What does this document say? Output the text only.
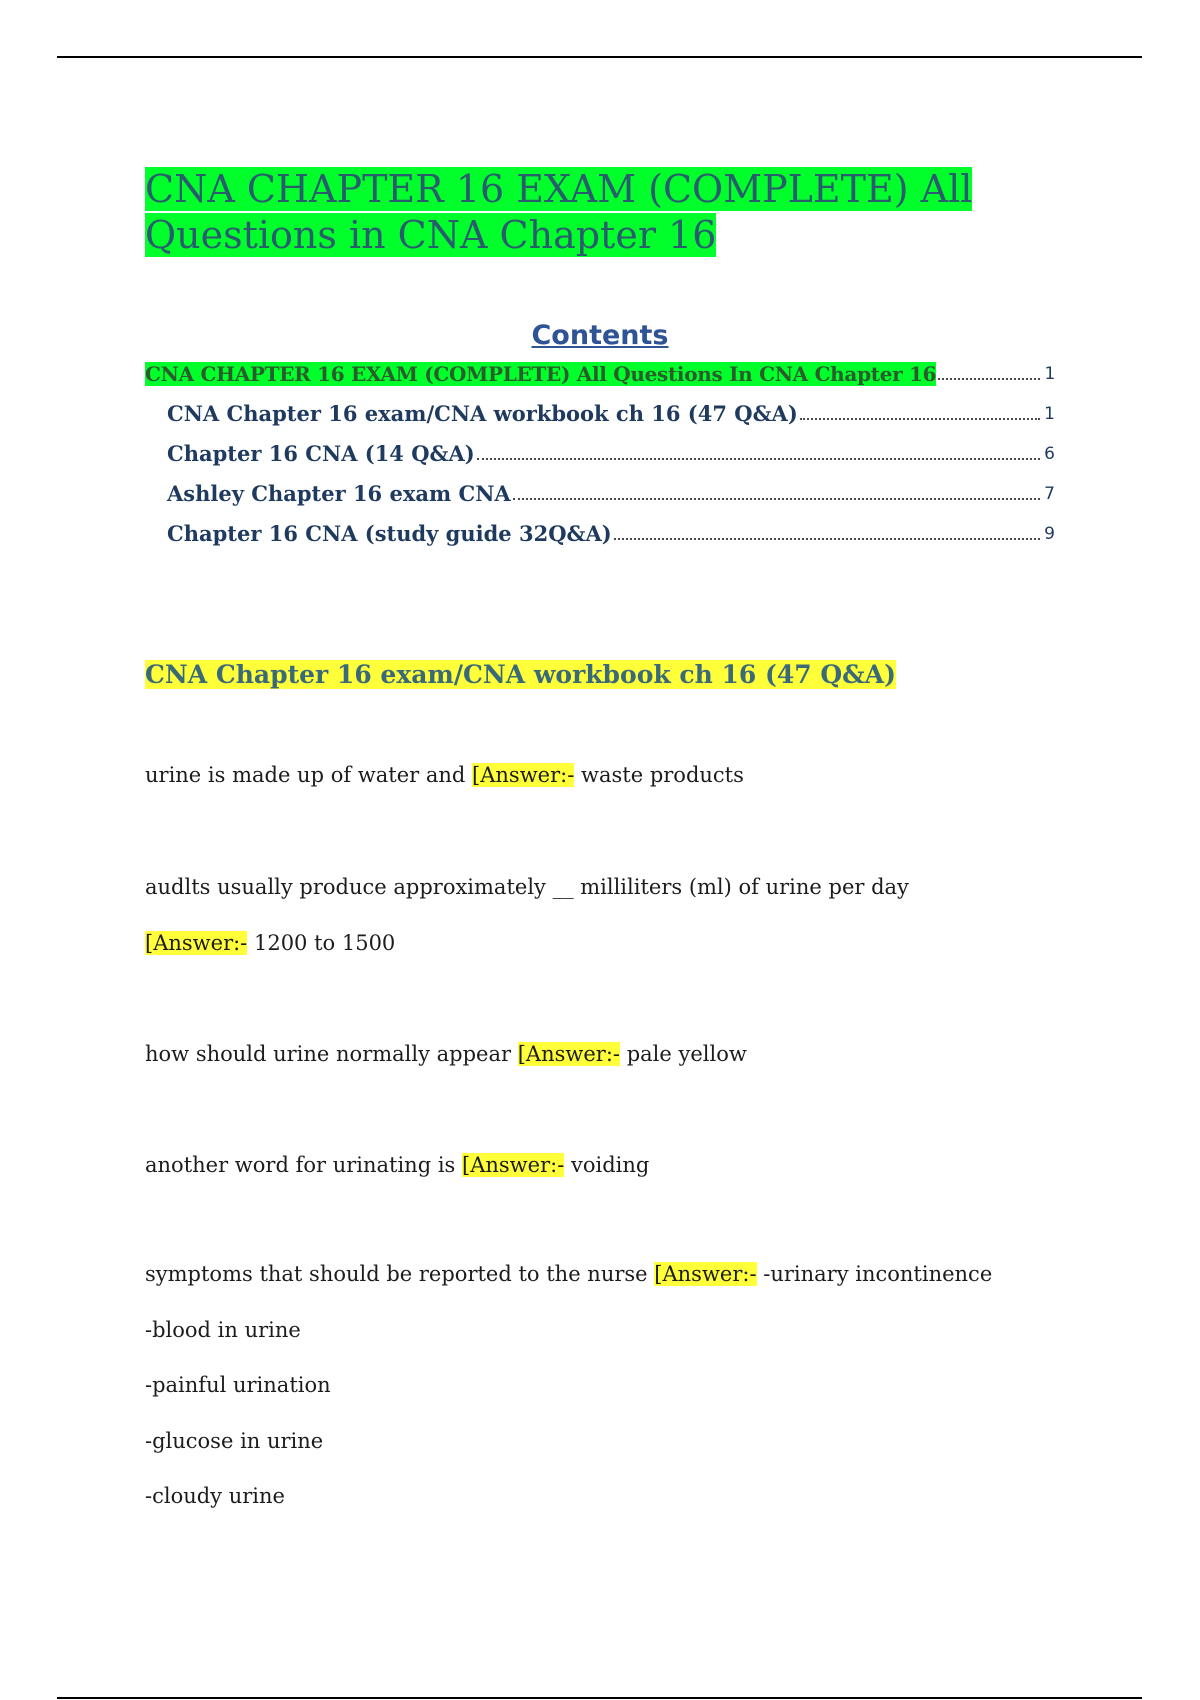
CNA CHAPTER 16 EXAM (COMPLETE) All
Questions in CNA Chapter 16
Contents
CNA CHAPTER 16 EXAM (COMPLETE) All Questions In CNA Chapter 16	1
CNA Chapter 16 exam/CNA workbook ch 16 (47 Q&A)	1
Chapter 16 CNA (14 Q&A)	6
Ashley Chapter 16 exam CNA	7
Chapter 16 CNA (study guide 32Q&A)	9
CNA Chapter 16 exam/CNA workbook ch 16 (47 Q&A)

urine is made up of water and [Answer:- waste products

audlts usually produce approximately __ milliliters (ml) of urine per day

[Answer:- 1200 to 1500

how should urine normally appear [Answer:- pale yellow

another word for urinating is [Answer:- voiding

symptoms that should be reported to the nurse [Answer:- -urinary incontinence

-blood in urine

-painful urination

-glucose in urine

-cloudy urine
